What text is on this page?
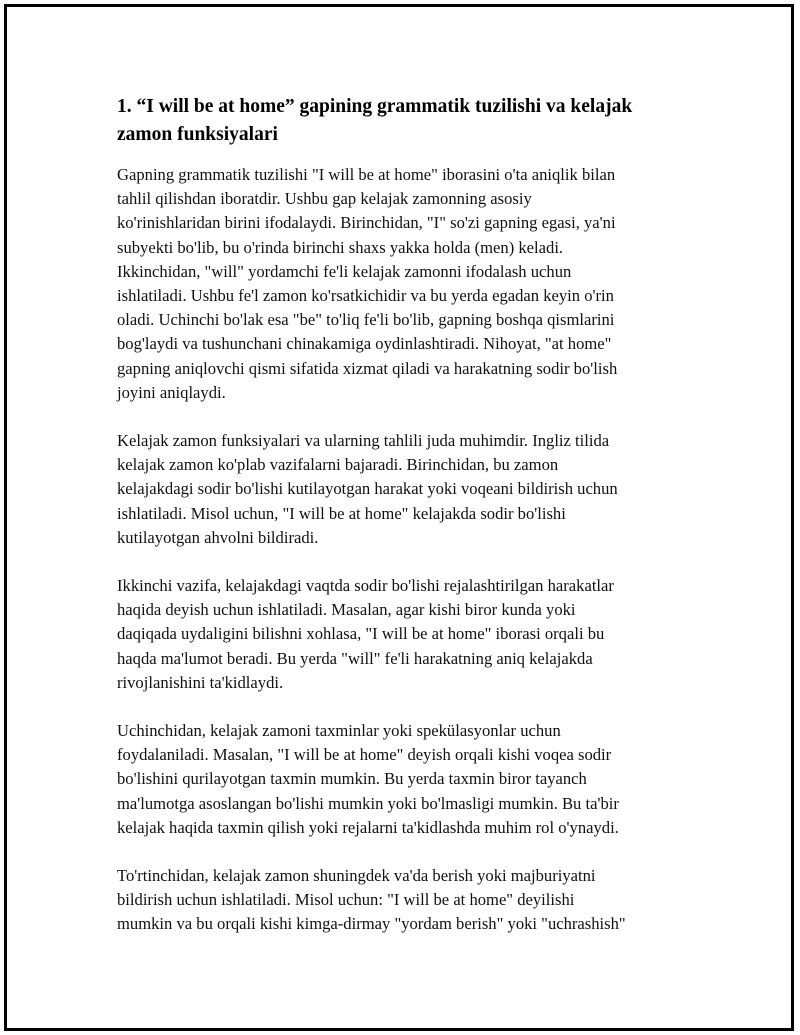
1. “I will be at home” gapining grammatik tuzilishi va kelajak zamon funksiyalari

Gapning grammatik tuzilishi "I will be at home" iborasini o'ta aniqlik bilan
tahlil qilishdan iboratdir. Ushbu gap kelajak zamonning asosiy
ko'rinishlaridan birini ifodalaydi. Birinchidan, "I" so'zi gapning egasi, ya'ni
subyekti bo'lib, bu o'rinda birinchi shaxs yakka holda (men) keladi.
Ikkinchidan, "will" yordamchi fe'li kelajak zamonni ifodalash uchun
ishlatiladi. Ushbu fe'l zamon ko'rsatkichidir va bu yerda egadan keyin o'rin
oladi. Uchinchi bo'lak esa "be" to'liq fe'li bo'lib, gapning boshqa qismlarini
bog'laydi va tushunchani chinakamiga oydinlashtiradi. Nihoyat, "at home"
gapning aniqlovchi qismi sifatida xizmat qiladi va harakatning sodir bo'lish
joyini aniqlaydi.

Kelajak zamon funksiyalari va ularning tahlili juda muhimdir. Ingliz tilida
kelajak zamon ko'plab vazifalarni bajaradi. Birinchidan, bu zamon
kelajakdagi sodir bo'lishi kutilayotgan harakat yoki voqeani bildirish uchun
ishlatiladi. Misol uchun, "I will be at home" kelajakda sodir bo'lishi
kutilayotgan ahvolni bildiradi.

Ikkinchi vazifa, kelajakdagi vaqtda sodir bo'lishi rejalashtirilgan harakatlar
haqida deyish uchun ishlatiladi. Masalan, agar kishi biror kunda yoki
daqiqada uydaligini bilishni xohlasa, "I will be at home" iborasi orqali bu
haqda ma'lumot beradi. Bu yerda "will" fe'li harakatning aniq kelajakda
rivojlanishini ta'kidlaydi.

Uchinchidan, kelajak zamoni taxminlar yoki spekülasyonlar uchun
foydalaniladi. Masalan, "I will be at home" deyish orqali kishi voqea sodir
bo'lishini qurilayotgan taxmin mumkin. Bu yerda taxmin biror tayanch
ma'lumotga asoslangan bo'lishi mumkin yoki bo'lmasligi mumkin. Bu ta'bir
kelajak haqida taxmin qilish yoki rejalarni ta'kidlashda muhim rol o'ynaydi.

To'rtinchidan, kelajak zamon shuningdek va'da berish yoki majburiyatni
bildirish uchun ishlatiladi. Misol uchun: "I will be at home" deyilishi
mumkin va bu orqali kishi kimga-dirmay "yordam berish" yoki "uchrashish"
